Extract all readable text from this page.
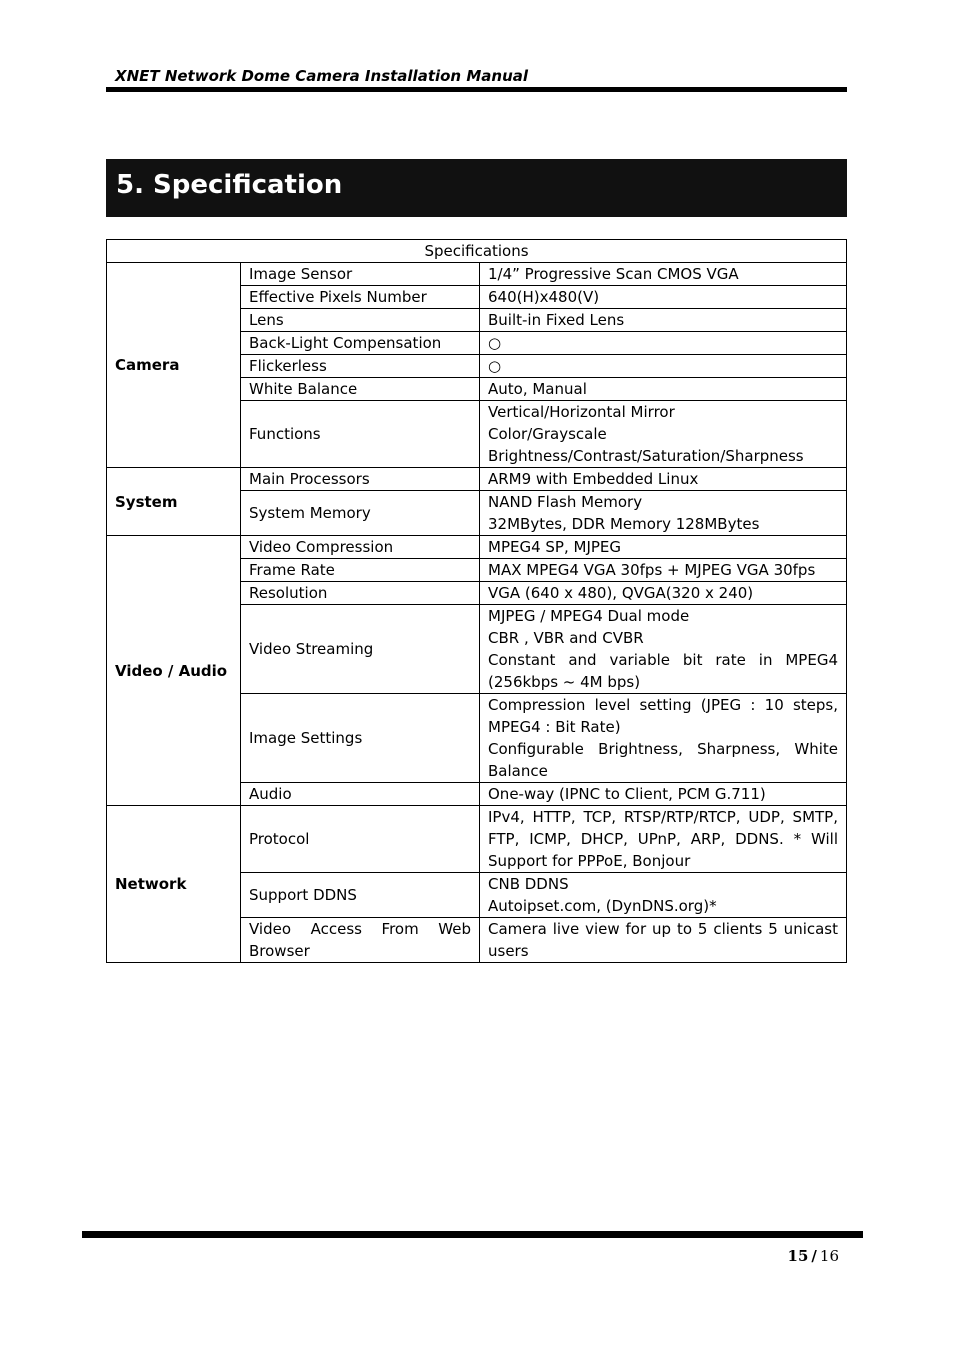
XNET Network Dome Camera Installation Manual
5. Specification
Specifications		
Camera	Image Sensor	1/4” Progressive Scan CMOS VGA

	Effective Pixels Number	640(H)x480(V)

	Lens	Built-in Fixed Lens

	Back-Light Compensation	○

	Flickerless	○

	White Balance	Auto, Manual

	Functions	Vertical/Horizontal Mirror
Color/Grayscale
Brightness/Contrast/Saturation/Sharpness

System	Main Processors	ARM9 with Embedded Linux

	System Memory	NAND Flash Memory
32MBytes, DDR Memory 128MBytes

Video / Audio	Video Compression	MPEG4 SP, MJPEG

	Frame Rate	MAX MPEG4 VGA 30fps + MJPEG VGA 30fps

	Resolution	VGA (640 x 480), QVGA(320 x 240)

	Video Streaming	MJPEG / MPEG4 Dual mode
CBR , VBR and CVBR
Constant and variable bit rate in MPEG4 (256kbps ~ 4M bps)

	Image Settings	Compression level setting (JPEG : 10 steps, MPEG4 : Bit Rate)
Configurable Brightness, Sharpness, White Balance

	Audio	One-way (IPNC to Client, PCM G.711)

Network	Protocol	IPv4, HTTP, TCP, RTSP/RTP/RTCP, UDP, SMTP, FTP, ICMP, DHCP, UPnP, ARP, DDNS. * Will Support for PPPoE, Bonjour

	Support DDNS	CNB DDNS
Autoipset.com, (DynDNS.org)*

	Video Access From Web Browser	Camera live view for up to 5 clients 5 unicast users
15 / 16
